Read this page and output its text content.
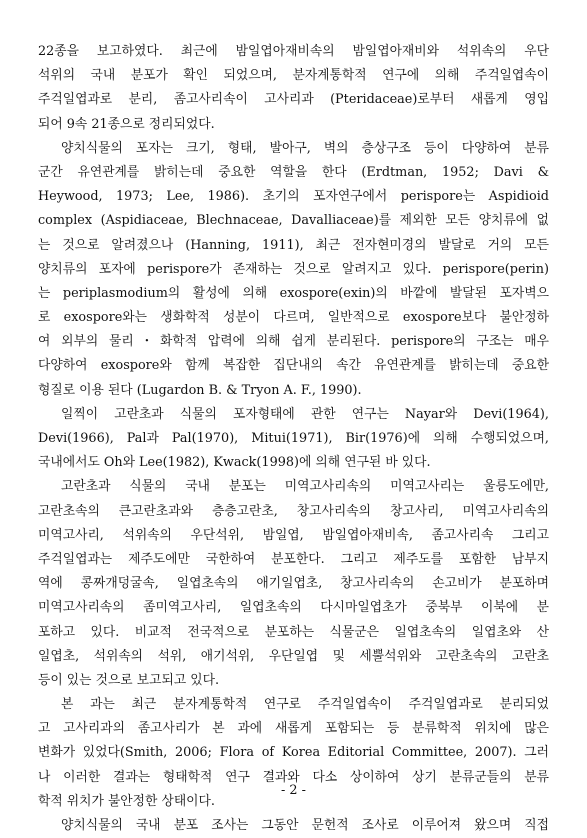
22종을 보고하였다. 최근에 밤일엽아재비속의 밤일엽아재비와 석위속의 우단
석위의 국내 분포가 확인 되었으며, 분자계통학적 연구에 의해 주걱일엽속이
주걱일엽과로 분리, 좀고사리속이 고사리과 (Pteridaceae)로부터 새롭게 영입
되어 9속 21종으로 정리되었다.
양치식물의 포자는 크기, 형태, 발아구, 벽의 층상구조 등이 다양하여 분류
군간 유연관계를 밝히는데 중요한 역할을 한다 (Erdtman, 1952; Davi &
Heywood, 1973; Lee, 1986). 초기의 포자연구에서 perispore는 Aspidioid
complex (Aspidiaceae, Blechnaceae, Davalliaceae)를 제외한 모든 양치류에 없
는 것으로 알려졌으나 (Hanning, 1911), 최근 전자현미경의 발달로 거의 모든
양치류의 포자에 perispore가 존재하는 것으로 알려지고 있다. perispore(perin)
는 periplasmodium의 활성에 의해 exospore(exin)의 바깥에 발달된 포자벽으
로 exospore와는 생화학적 성분이 다르며, 일반적으로 exospore보다 불안정하
여 외부의 물리・화학적 압력에 의해 쉽게 분리된다. perispore의 구조는 매우
다양하여 exospore와 함께 복잡한 집단내의 속간 유연관계를 밝히는데 중요한
형질로 이용 된다 (Lugardon B. & Tryon A. F., 1990).
일찍이 고란초과 식물의 포자형태에 관한 연구는 Nayar와 Devi(1964),
Devi(1966), Pal과 Pal(1970), Mitui(1971), Bir(1976)에 의해 수행되었으며,
국내에서도 Oh와 Lee(1982), Kwack(1998)에 의해 연구된 바 있다.
고란초과 식물의 국내 분포는 미역고사리속의 미역고사리는 울릉도에만,
고란초속의 큰고란초과와 층층고란초, 창고사리속의 창고사리, 미역고사리속의
미역고사리, 석위속의 우단석위, 밤일엽, 밤일엽아재비속, 좀고사리속 그리고
주걱일엽과는 제주도에만 국한하여 분포한다. 그리고 제주도를 포함한 남부지
역에 콩짜개덩굴속, 일엽초속의 애기일엽초, 창고사리속의 손고비가 분포하며
미역고사리속의 좀미역고사리, 일엽초속의 다시마일엽초가 중북부 이북에 분
포하고 있다. 비교적 전국적으로 분포하는 식물군은 일엽초속의 일엽초와 산
일엽초, 석위속의 석위, 애기석위, 우단일엽 및 세뿔석위와 고란초속의 고란초
등이 있는 것으로 보고되고 있다.
본 과는 최근 분자계통학적 연구로 주걱일엽속이 주걱일엽과로 분리되었
고 고사리과의 좀고사리가 본 과에 새롭게 포함되는 등 분류학적 위치에 많은
변화가 있었다(Smith, 2006; Flora of Korea Editorial Committee, 2007). 그러
나 이러한 결과는 형태학적 연구 결과와 다소 상이하여 상기 분류군들의 분류
학적 위치가 불안정한 상태이다.
양치식물의 국내 분포 조사는 그동안 문헌적 조사로 이루어져 왔으며 직접
- 2 -
